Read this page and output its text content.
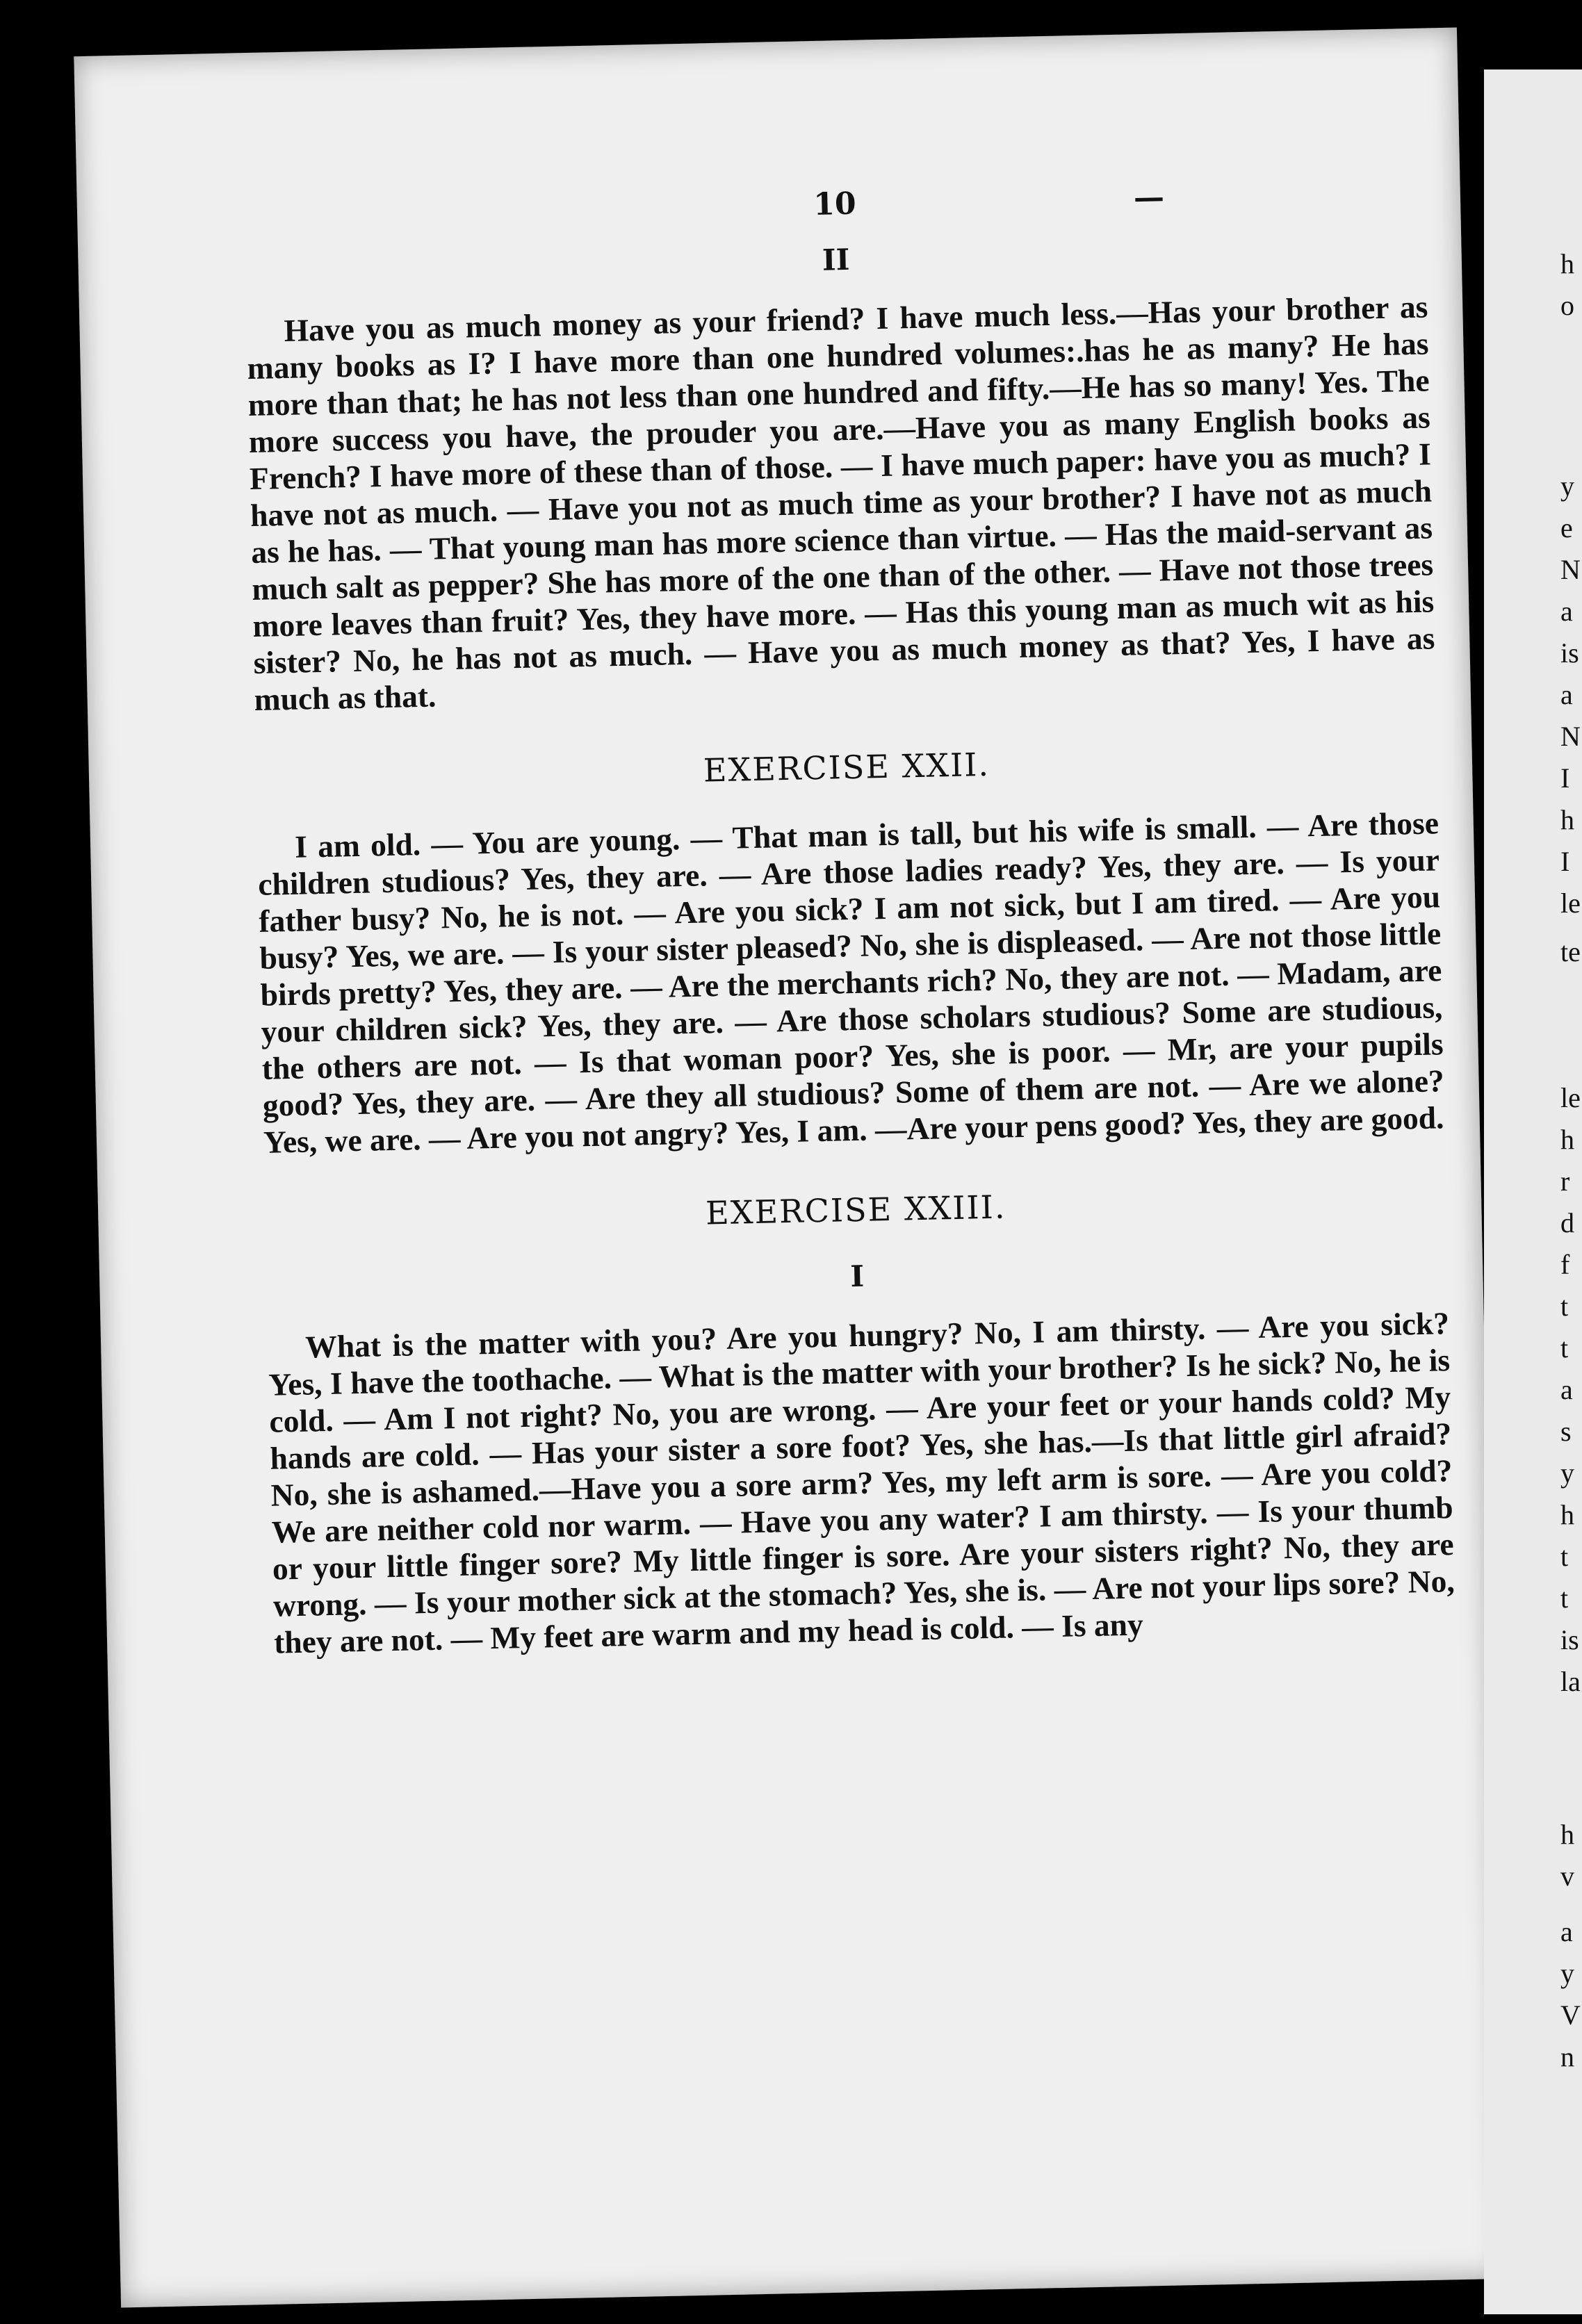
10	—
II

Have you as much money as your friend? I have much less.—Has your brother as many books as I? I have more than one hundred volumes:.has he as many? He has more than that; he has not less than one hundred and fifty.—He has so many! Yes. The more success you have, the prouder you are.—Have you as many English books as French? I have more of these than of those. — I have much paper: have you as much? I have not as much. — Have you not as much time as your brother? I have not as much as he has. — That young man has more science than virtue. — Has the maid-servant as much salt as pepper? She has more of the one than of the other. — Have not those trees more leaves than fruit? Yes, they have more. — Has this young man as much wit as his sister? No, he has not as much. — Have you as much money as that? Yes, I have as much as that.

EXERCISE XXII.

I am old. — You are young. — That man is tall, but his wife is small. — Are those children studious? Yes, they are. — Are those ladies ready? Yes, they are. — Is your father busy? No, he is not. — Are you sick? I am not sick, but I am tired. — Are you busy? Yes, we are. — Is your sister pleased? No, she is displeased. — Are not those little birds pretty? Yes, they are. — Are the merchants rich? No, they are not. — Madam, are your children sick? Yes, they are. — Are those scholars studious? Some are studious, the others are not. — Is that woman poor? Yes, she is poor. — Mr, are your pupils good? Yes, they are. — Are they all studious? Some of them are not. — Are we alone? Yes, we are. — Are you not angry? Yes, I am. —Are your pens good? Yes, they are good.

EXERCISE XXIII.
I

What is the matter with you? Are you hungry? No, I am thirsty. — Are you sick? Yes, I have the toothache. — What is the matter with your brother? Is he sick? No, he is cold. — Am I not right? No, you are wrong. — Are your feet or your hands cold? My hands are cold. — Has your sister a sore foot? Yes, she has.—Is that little girl afraid? No, she is ashamed.—Have you a sore arm? Yes, my left arm is sore. — Are you cold? We are neither cold nor warm. — Have you any water? I am thirsty. — Is your thumb or your little finger sore? My little finger is sore. Are your sisters right? No, they are wrong. — Is your mother sick at the stomach? Yes, she is. — Are not your lips sore? No, they are not. — My feet are warm and my head is cold. — Is any

h
o
y
e
N
a
is
a
N
I
h
I
le
te
le
h
r
d
f
t
t
a
s
y
h
t
t
is
la
h
v
a
y
V
n
